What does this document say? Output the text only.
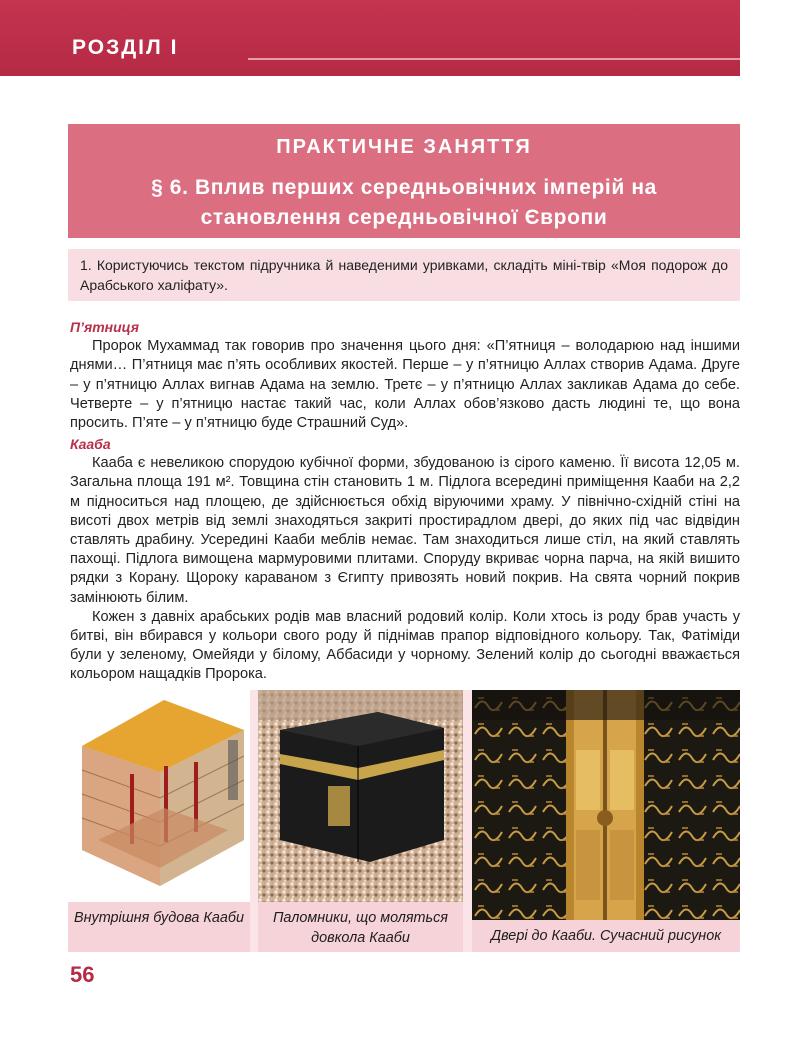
РОЗДІЛ І
ПРАКТИЧНЕ ЗАНЯТТЯ
§ 6. Вплив перших середньовічних імперій на становлення середньовічної Європи
1. Користуючись текстом підручника й наведеними уривками, складіть міні-твір «Моя подорож до Арабського халіфату».
П’ятниця

Пророк Мухаммад так говорив про значення цього дня: «П’ятниця – володарюю над іншими днями… П’ятниця має п’ять особливих якостей. Перше – у п’ятницю Аллах створив Адама. Друге – у п’ятницю Аллах вигнав Адама на землю. Третє – у п’ятницю Аллах закликав Адама до себе. Четверте – у п’ятницю настає такий час, коли Аллах обов’язково дасть людині те, що вона просить. П’яте – у п’ятницю буде Страшний Суд».

Кааба

Кааба є невеликою спорудою кубічної форми, збудованою із сірого каменю. Її висота 12,05 м. Загальна площа 191 м². Товщина стін становить 1 м. Підлога всередині приміщення Кааби на 2,2 м підноситься над площею, де здійснюється обхід віруючими храму. У північно-східній стіні на висоті двох метрів від землі знаходяться закриті простирадлом двері, до яких під час відвідин ставлять драбину. Усередині Кааби меблів немає. Там знаходиться лише стіл, на який ставлять пахощі. Підлога вимощена мармуровими плитами. Споруду вкриває чорна парча, на якій вишито рядки з Корану. Щороку караваном з Єгипту привозять новий покрив. На свята чорний покрив замінюють білим.

Кожен з давніх арабських родів мав власний родовий колір. Коли хтось із роду брав участь у битві, він вбирався у кольори свого роду й піднімав прапор відповідного кольору. Так, Фатіміди були у зеленому, Омейяди у білому, Аббасиди у чорному. Зелений колір до сьогодні вважається кольором нащадків Пророка.

Внутрішня будова Кааби	Паломники, що моляться довкола Кааби	Двері до Кааби. Сучасний рисунок
56
